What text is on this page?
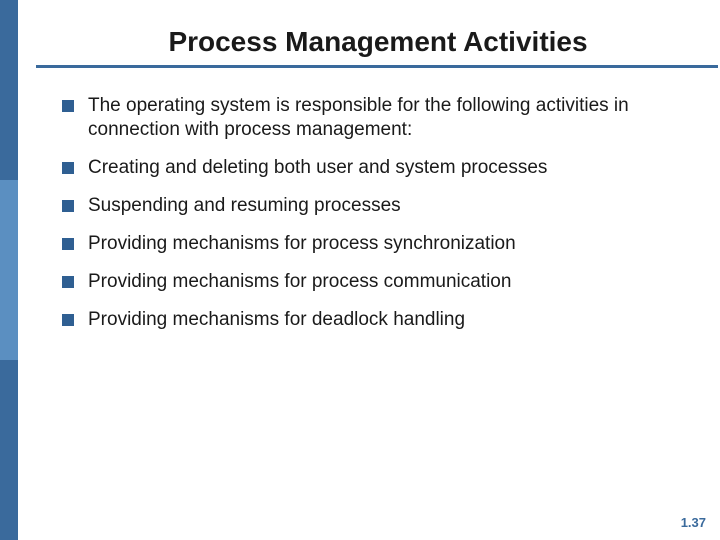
Process Management Activities
The operating system is responsible for the following activities in connection with process management:
Creating and deleting both user and system processes
Suspending and resuming processes
Providing mechanisms for process synchronization
Providing mechanisms for process communication
Providing mechanisms for deadlock handling
1.37
